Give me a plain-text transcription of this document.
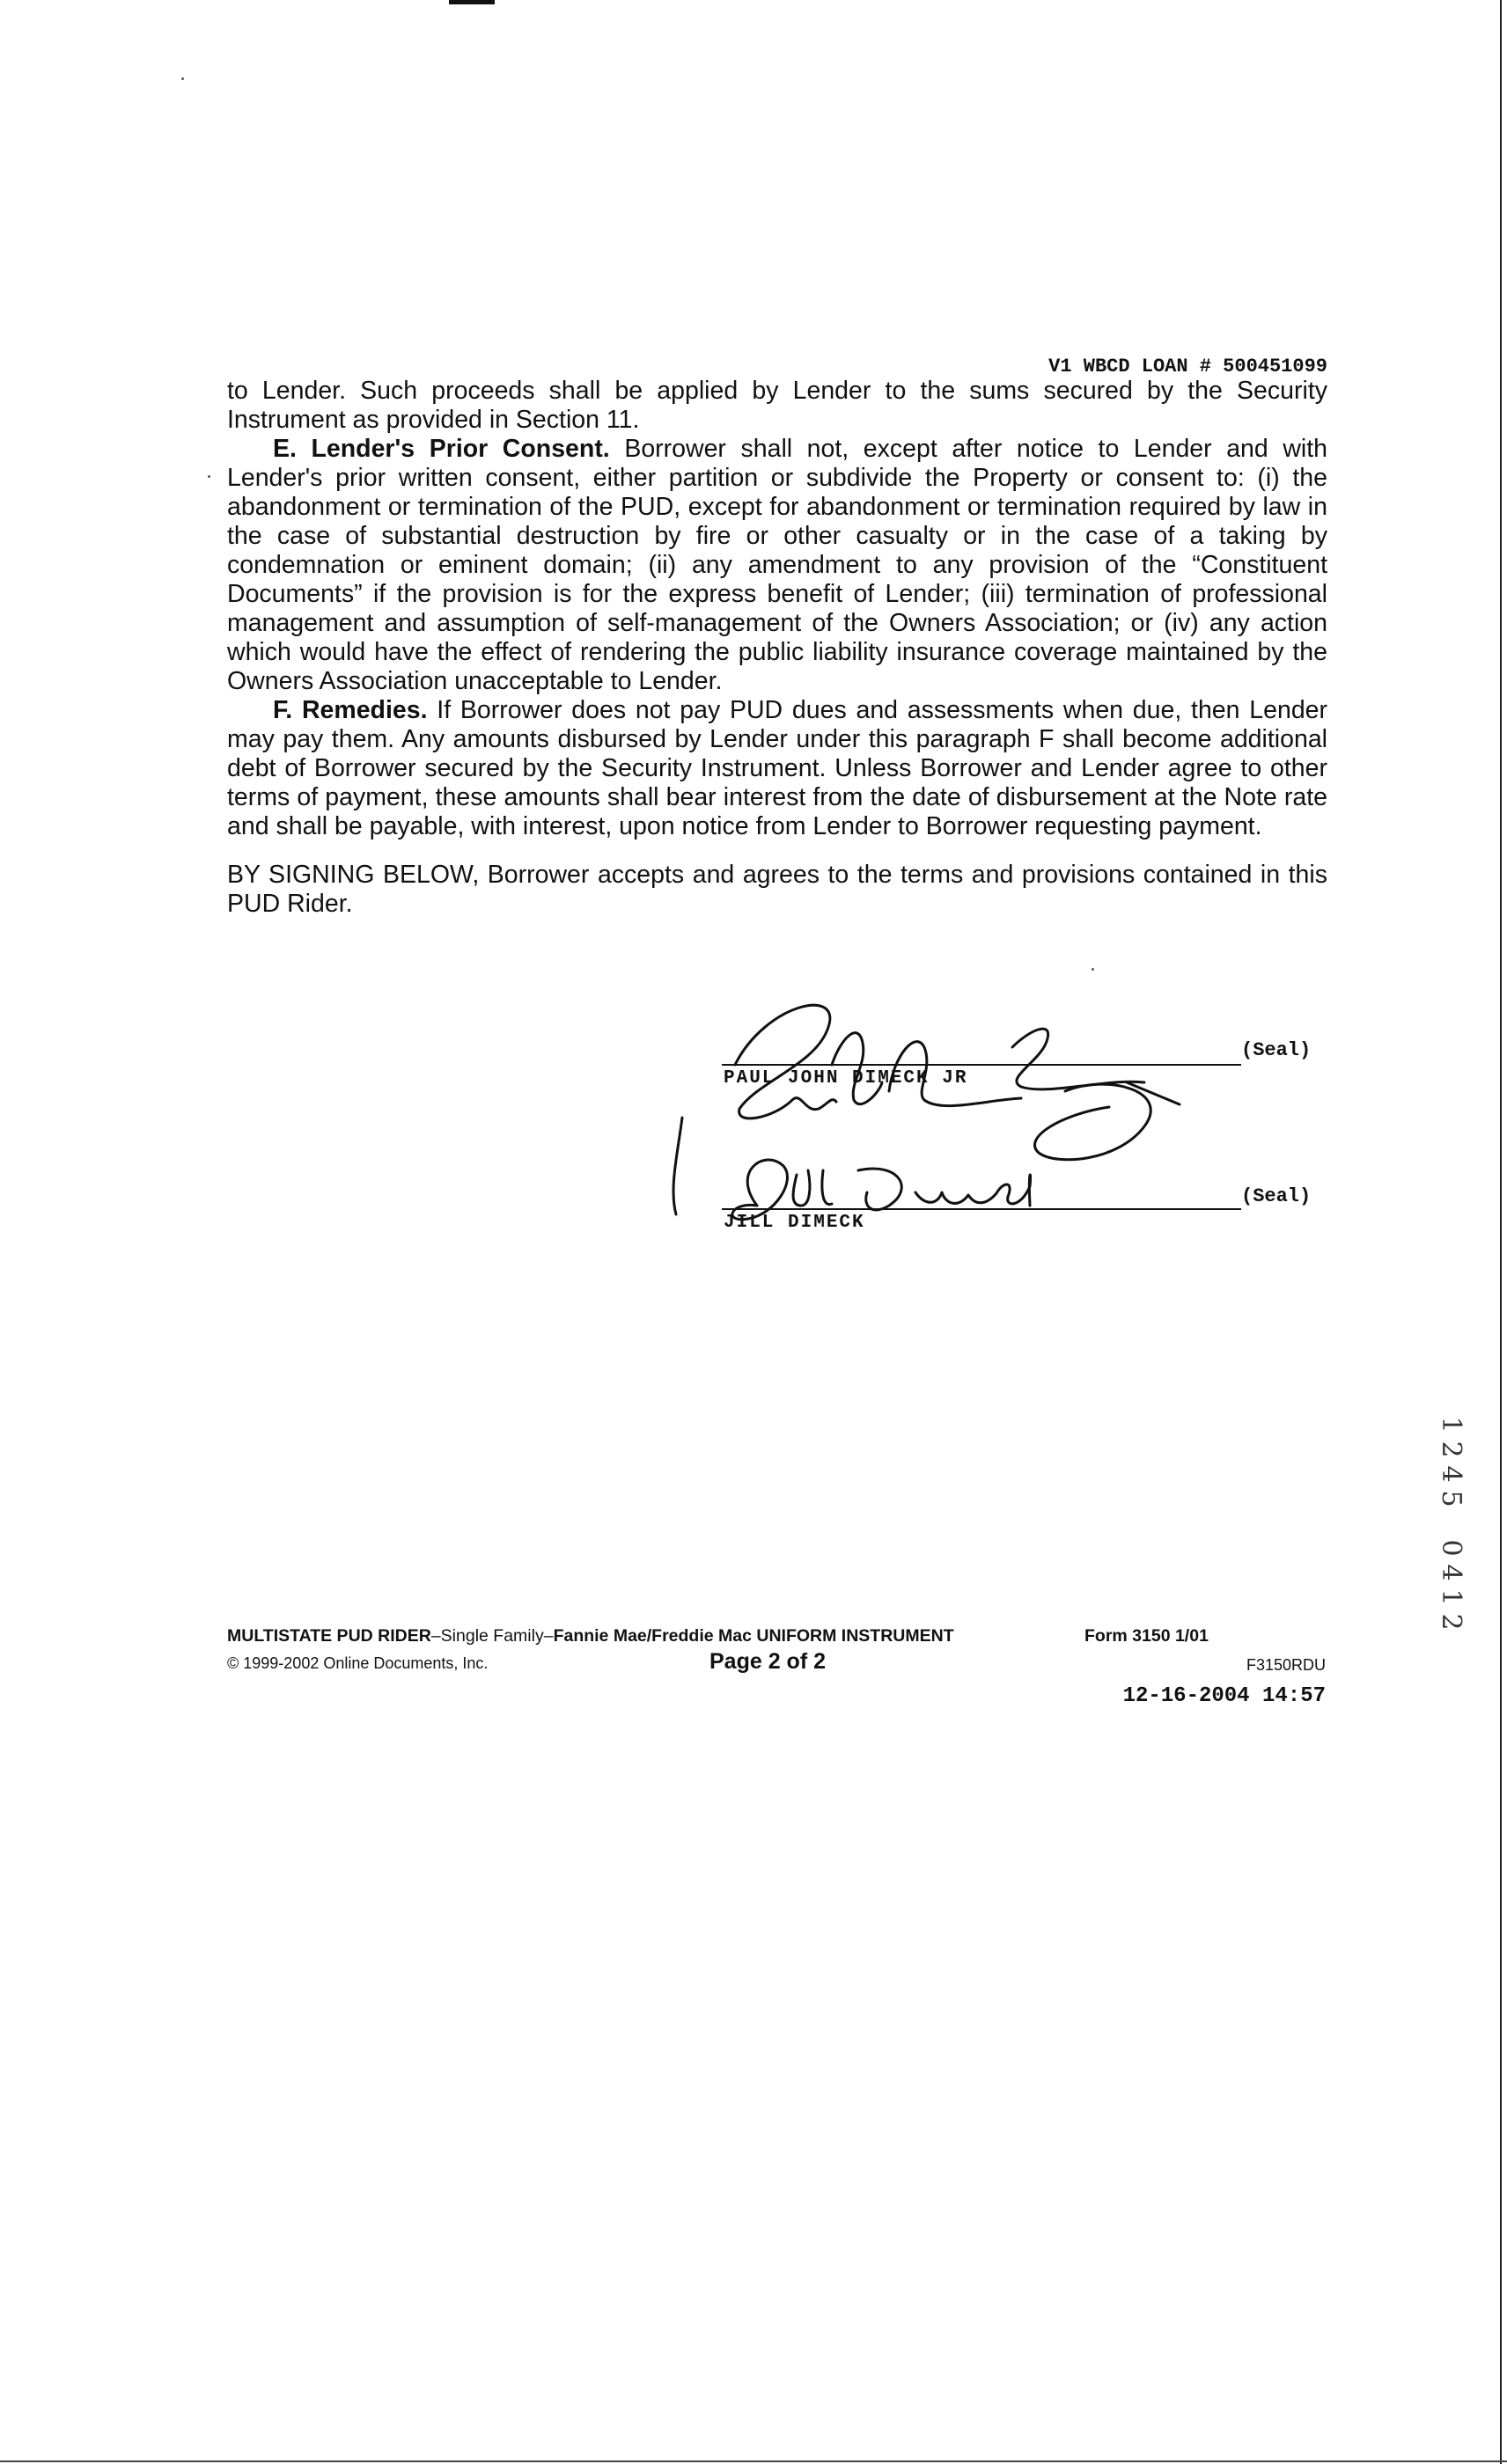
V1 WBCD LOAN # 500451099

to Lender. Such proceeds shall be applied by Lender to the sums secured by the Security Instrument as provided in Section 11.

E. Lender's Prior Consent. Borrower shall not, except after notice to Lender and with Lender's prior written consent, either partition or subdivide the Property or consent to: (i) the abandonment or termination of the PUD, except for abandonment or termination required by law in the case of substantial destruction by fire or other casualty or in the case of a taking by condemnation or eminent domain; (ii) any amendment to any provision of the “Constituent Documents” if the provision is for the express benefit of Lender; (iii) termination of professional management and assumption of self-management of the Owners Association; or (iv) any action which would have the effect of rendering the public liability insurance coverage maintained by the Owners Association unacceptable to Lender.

F. Remedies. If Borrower does not pay PUD dues and assessments when due, then Lender may pay them. Any amounts disbursed by Lender under this paragraph F shall become additional debt of Borrower secured by the Security Instrument. Unless Borrower and Lender agree to other terms of payment, these amounts shall bear interest from the date of disbursement at the Note rate and shall be payable, with interest, upon notice from Lender to Borrower requesting payment.

BY SIGNING BELOW, Borrower accepts and agrees to the terms and provisions contained in this PUD Rider.

(Seal)
PAUL JOHN DIMECK JR
(Seal)
JILL DIMECK
1
2
4
5

0
4
1
2
MULTISTATE PUD RIDER–Single Family–Fannie Mae/Freddie Mac UNIFORM INSTRUMENT	Form 3150 1/01
© 1999-2002 Online Documents, Inc.	Page 2 of 2	F3150RDU
12-16-2004 14:57
